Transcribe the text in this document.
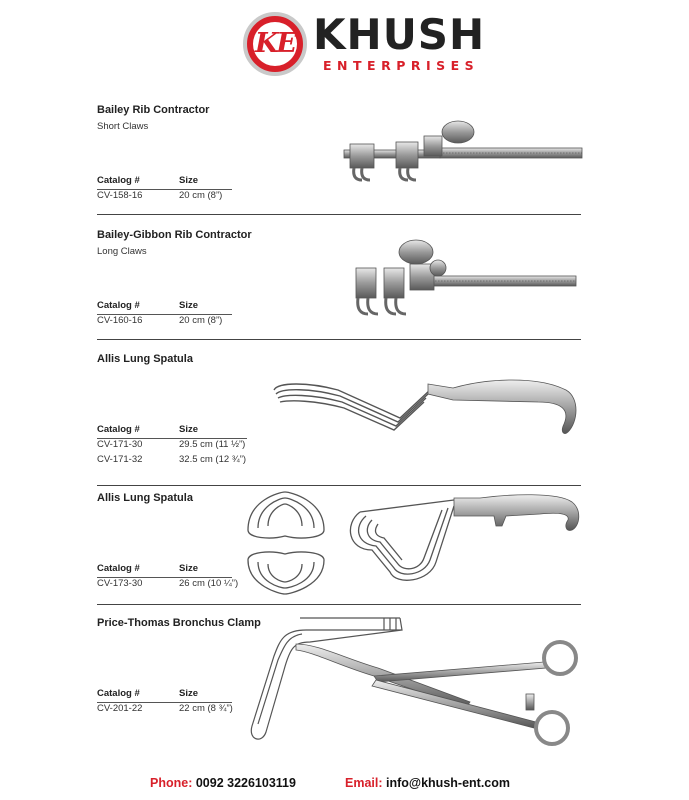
KE KHUSH
ENTERPRISES
Bailey Rib Contractor
Short Claws
Catalog #	Size
CV-158-16	20 cm (8”)
Bailey-Gibbon Rib Contractor
Long Claws
Catalog #	Size
CV-160-16	20 cm (8”)
Allis Lung Spatula
Catalog #	Size
CV-171-30	29.5 cm (11 ½”)
CV-171-32	32.5 cm (12 ¾”)
Allis Lung Spatula
Catalog #	Size
CV-173-30	26 cm (10 ¼”)
Price-Thomas Bronchus Clamp
Catalog #	Size
CV-201-22	22 cm (8 ¾”)
Phone: 0092 3226103119	Email: info@khush-ent.com
